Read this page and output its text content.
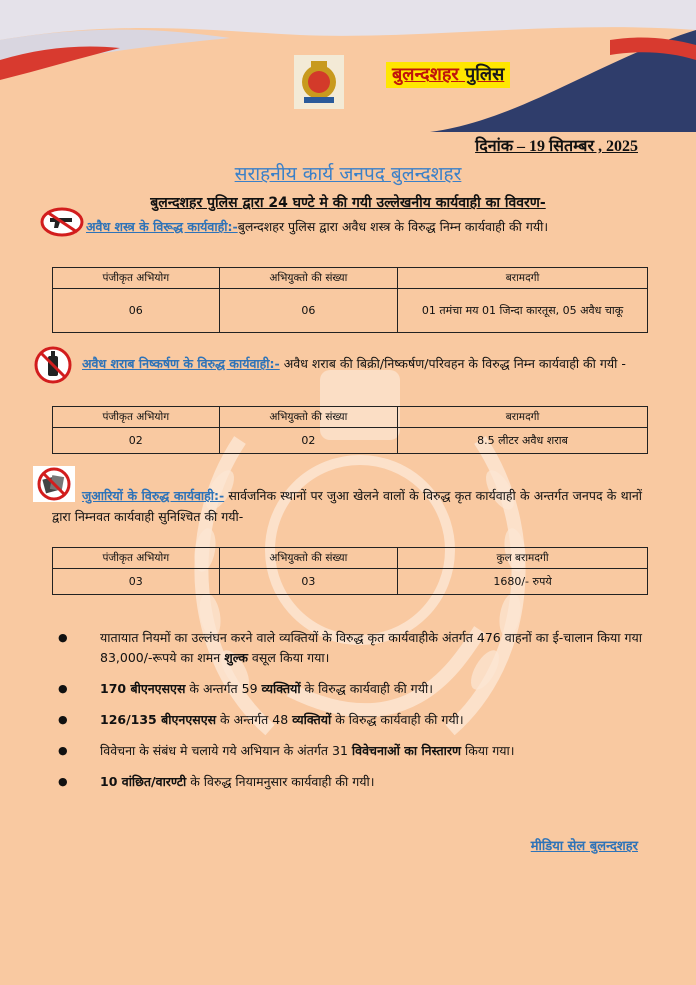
बुलन्दशहर पुलिस
दिनांक – 19 सितम्बर , 2025
सराहनीय कार्य जनपद बुलन्दशहर
बुलन्दशहर पुलिस द्वारा 24 घण्टे मे की गयी उल्लेखनीय कार्यवाही का विवरण-
अवैध शस्त्र के विरूद्ध कार्यवाही:-बुलन्दशहर पुलिस द्वारा अवैध शस्त्र के विरुद्ध निम्न कार्यवाही की गयी।
पंजीकृत अभियोग	अभियुक्तो की संख्या	बरामदगी
06	06	01 तमंचा मय 01 जिन्दा कारतूस, 05 अवैध चाकू
अवैध शराब निष्कर्षण के विरुद्ध कार्यवाही:- अवैध शराब की बिक्री/निष्कर्षण/परिवहन के विरुद्ध निम्न कार्यवाही की गयी -
पंजीकृत अभियोग	अभियुक्तो की संख्या	बरामदगी
02	02	8.5 लीटर अवैध शराब
जुआरियों के विरुद्ध कार्यवाही:- सार्वजनिक स्थानों पर जुआ खेलने वालों के विरुद्ध कृत कार्यवाही के अन्तर्गत जनपद के थानों द्वारा निम्नवत कार्यवाही सुनिश्चित की गयी-
पंजीकृत अभियोग	अभियुक्तो की संख्या	कुल बरामदगी
03	03	1680/- रुपये
● यातायात नियमों का उल्लंघन करने वाले व्यक्तियों के विरुद्ध कृत कार्यवाहीके अंतर्गत 476 वाहनों का ई-चालान किया गया 83,000/-रूपये का शमन शुल्क वसूल किया गया।
● 170 बीएनएसएस के अन्तर्गत 59 व्यक्तियों के विरुद्ध कार्यवाही की गयी।
● 126/135 बीएनएसएस के अन्तर्गत 48 व्यक्तियों के विरुद्ध कार्यवाही की गयी।
● विवेचना के संबंध मे चलाये गये अभियान के अंतर्गत 31 विवेचनाओं का निस्तारण किया गया।
● 10 वांछित/वारण्टी के विरुद्ध नियामनुसार कार्यवाही की गयी।
मीडिया सेल बुलन्दशहर
